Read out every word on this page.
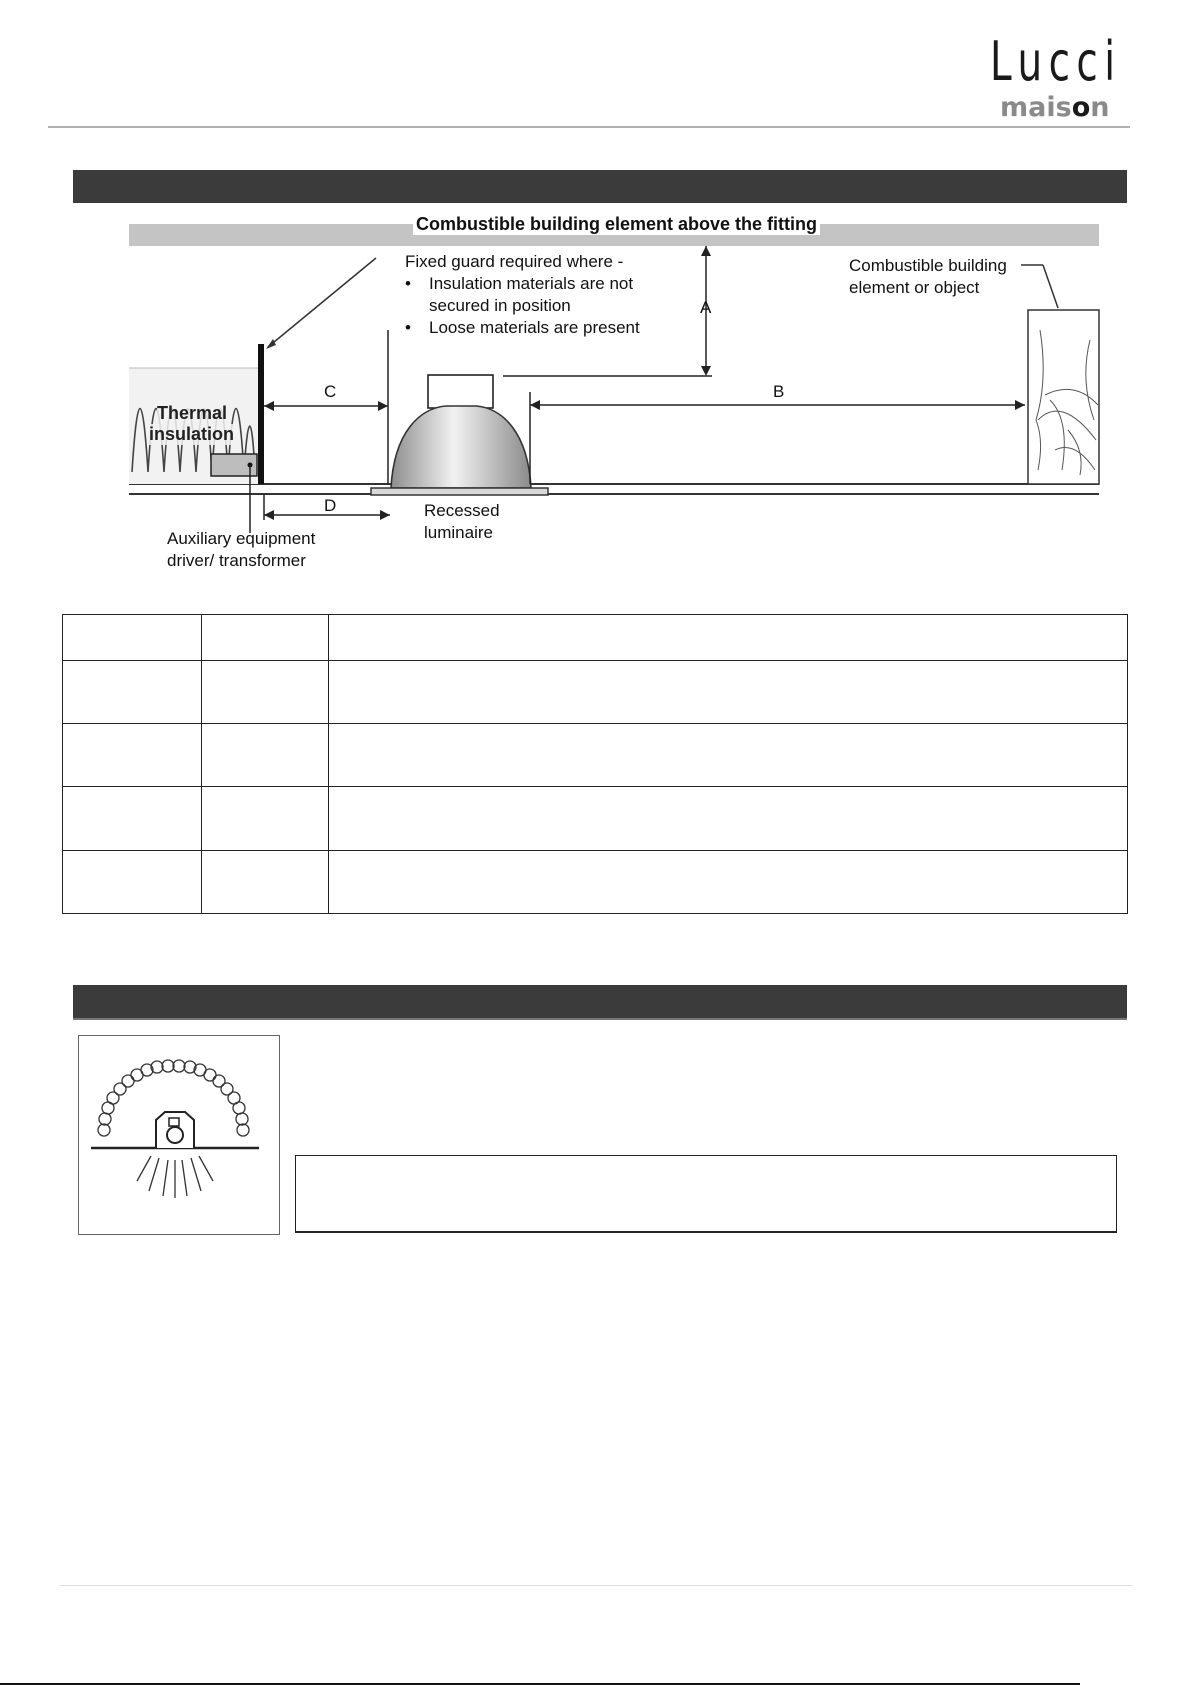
Lucci
maison
Combustible building element above the fitting
Fixed guard required where -
• Insulation materials are not
secured in position
• Loose materials are present
A
B
C
D
Combustible building
element or object
Thermal
insulation
Recessed
luminaire
Auxiliary equipment
driver/ transformer
